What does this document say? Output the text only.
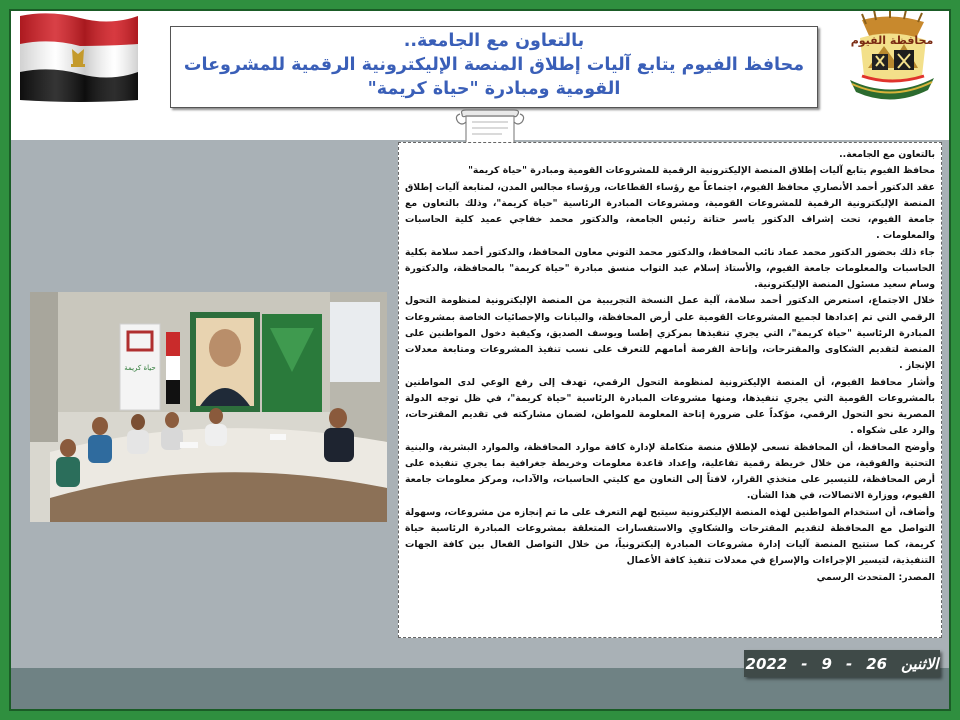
محافظة الفيوم

بالتعاون مع الجامعة..

محافظ الفيوم يتابع آليات إطلاق المنصة الإليكترونية الرقمية للمشروعات

القومية ومبادرة "حياة كريمة"

حياة كريمة

بالتعاون مع الجامعة..

محافظ الفيوم يتابع آليات إطلاق المنصة الإليكترونية الرقمية للمشروعات القومية ومبادرة "حياة كريمة"

عقد الدكتور أحمد الأنصاري محافظ الفيوم، اجتماعاً مع رؤساء القطاعات، ورؤساء مجالس المدن، لمتابعة آليات إطلاق المنصة الإليكترونية الرقمية للمشروعات القومية، ومشروعات المبادرة الرئاسية "حياة كريمة"، وذلك بالتعاون مع جامعة الفيوم، تحت إشراف الدكتور ياسر حتاتة رئيس الجامعة، والدكتور محمد خفاجي عميد كلية الحاسبات والمعلومات .

جاء ذلك بحضور الدكتور محمد عماد نائب المحافظ، والدكتور محمد التوني معاون المحافظ، والدكتور أحمد سلامة بكلية الحاسبات والمعلومات جامعة الفيوم، والأستاذ إسلام عبد التواب منسق مبادرة "حياة كريمة" بالمحافظة، والدكتورة وسام سعيد مسئول المنصة الإليكترونية.

خلال الاجتماع، استعرض الدكتور أحمد سلامة، آلية عمل النسخة التجريبية من المنصة الإليكترونية لمنظومة التحول الرقمي التي تم إعدادها لجميع المشروعات القومية على أرض المحافظة، والبيانات والإحصائيات الخاصة بمشروعات المبادرة الرئاسية "حياة كريمة"، التي يجري تنفيذها بمركزي إطسا ويوسف الصديق، وكيفية دخول المواطنين على المنصة لتقديم الشكاوى والمقترحات، وإتاحة الفرصة أمامهم للتعرف على نسب تنفيذ المشروعات ومتابعة معدلات الإنجاز .

وأشار محافظ الفيوم، أن المنصة الإليكترونية لمنظومة التحول الرقمي، تهدف إلى رفع الوعي لدى المواطنين بالمشروعات القومية التي يجري تنفيذها، ومنها مشروعات المبادرة الرئاسية "حياة كريمة"، في ظل توجه الدولة المصرية نحو التحول الرقمي، مؤكداً على ضرورة إتاحة المعلومة للمواطن، لضمان مشاركته في تقديم المقترحات، والرد على شكواه .

وأوضح المحافظ، أن المحافظة تسعى لإطلاق منصة متكاملة لإدارة كافة موارد المحافظة، والموارد البشرية، والبنية التحتية والفوقية، من خلال خريطة رقمية تفاعلية، وإعداد قاعدة معلومات وخريطة جغرافية بما يجري تنفيذه على أرض المحافظة، للتيسير على متخذي القرار، لافتاً إلى التعاون مع كليتي الحاسبات، والآداب، ومركز معلومات جامعة الفيوم، ووزارة الاتصالات، في هذا الشأن.

وأضاف، أن استخدام المواطنين لهذه المنصة الإليكترونية سيتيح لهم التعرف على ما تم إنجازه من مشروعات، وسهولة التواصل مع المحافظة لتقديم المقترحات والشكاوي والاستفسارات المتعلقة بمشروعات المبادرة الرئاسية حياة كريمة، كما ستتيح المنصة آليات إدارة مشروعات المبادرة إليكترونياً، من خلال التواصل الفعال بين كافة الجهات التنفيذية، لتيسير الإجراءات والإسراع في معدلات تنفيذ كافة الأعمال

المصدر: المتحدث الرسمي

الاثنين
26
-
9
-
2022
